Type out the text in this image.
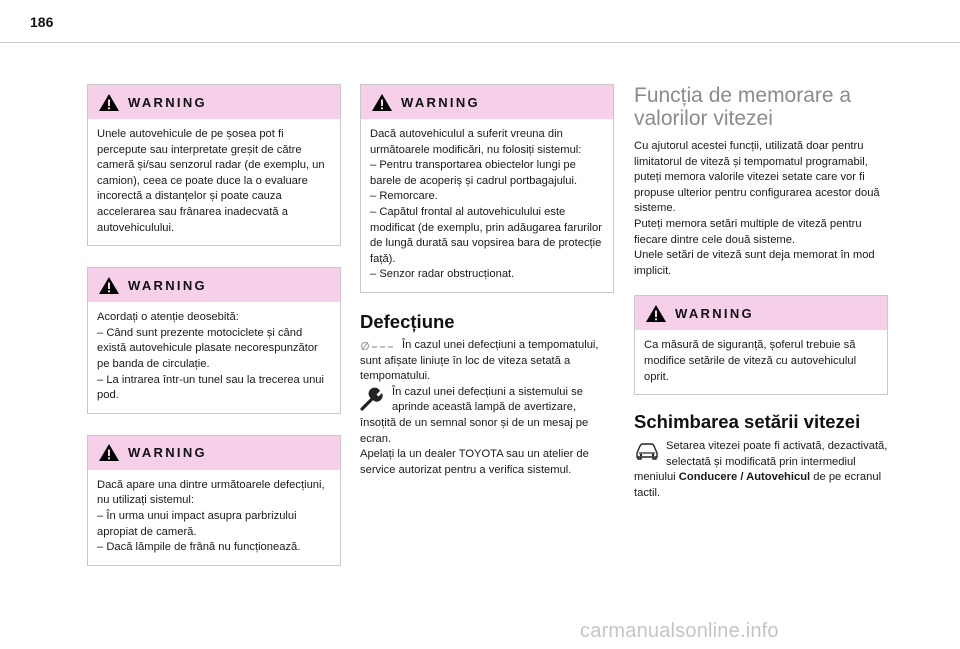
186
WARNING

Unele autovehicule de pe șosea pot fi percepute sau interpretate greșit de către cameră și/sau senzorul radar (de exemplu, un camion), ceea ce poate duce la o evaluare incorectă a distanțelor și poate cauza accelerarea sau frânarea inadecvată a autovehiculului.

WARNING

Acordați o atenție deosebită:

– Când sunt prezente motociclete și când există autovehicule plasate necorespunzător pe banda de circulație.

– La intrarea într-un tunel sau la trecerea unui pod.

WARNING

Dacă apare una dintre următoarele defecțiuni, nu utilizați sistemul:

– În urma unui impact asupra parbrizului apropiat de cameră.

– Dacă lămpile de frână nu funcționează.

WARNING

Dacă autovehiculul a suferit vreuna din următoarele modificări, nu folosiți sistemul:

– Pentru transportarea obiectelor lungi pe barele de acoperiș și cadrul portbagajului.

– Remorcare.

– Capătul frontal al autovehiculului este modificat (de exemplu, prin adăugarea farurilor de lungă durată sau vopsirea bara de protecție față).

– Senzor radar obstrucționat.

Defecțiune

În cazul unei defecțiuni a tempomatului, sunt afișate liniuțe în loc de viteza setată a tempomatului.

În cazul unei defecțiuni a sistemului se aprinde această lampă de avertizare, însoțită de un semnal sonor și de un mesaj pe ecran.

Apelați la un dealer TOYOTA sau un atelier de service autorizat pentru a verifica sistemul.

Funcția de memorare a valorilor vitezei

Cu ajutorul acestei funcții, utilizată doar pentru limitatorul de viteză și tempomatul programabil, puteți memora valorile vitezei setate care vor fi propuse ulterior pentru configurarea acestor două sisteme.

Puteți memora setări multiple de viteză pentru fiecare dintre cele două sisteme.

Unele setări de viteză sunt deja memorat în mod implicit.

WARNING

Ca măsură de siguranță, șoferul trebuie să modifice setările de viteză cu autovehiculul oprit.

Schimbarea setării vitezei

Setarea vitezei poate fi activată, dezactivată, selectată și modificată prin intermediul meniului Conducere / Autovehicul de pe ecranul tactil.

carmanualsonline.info
